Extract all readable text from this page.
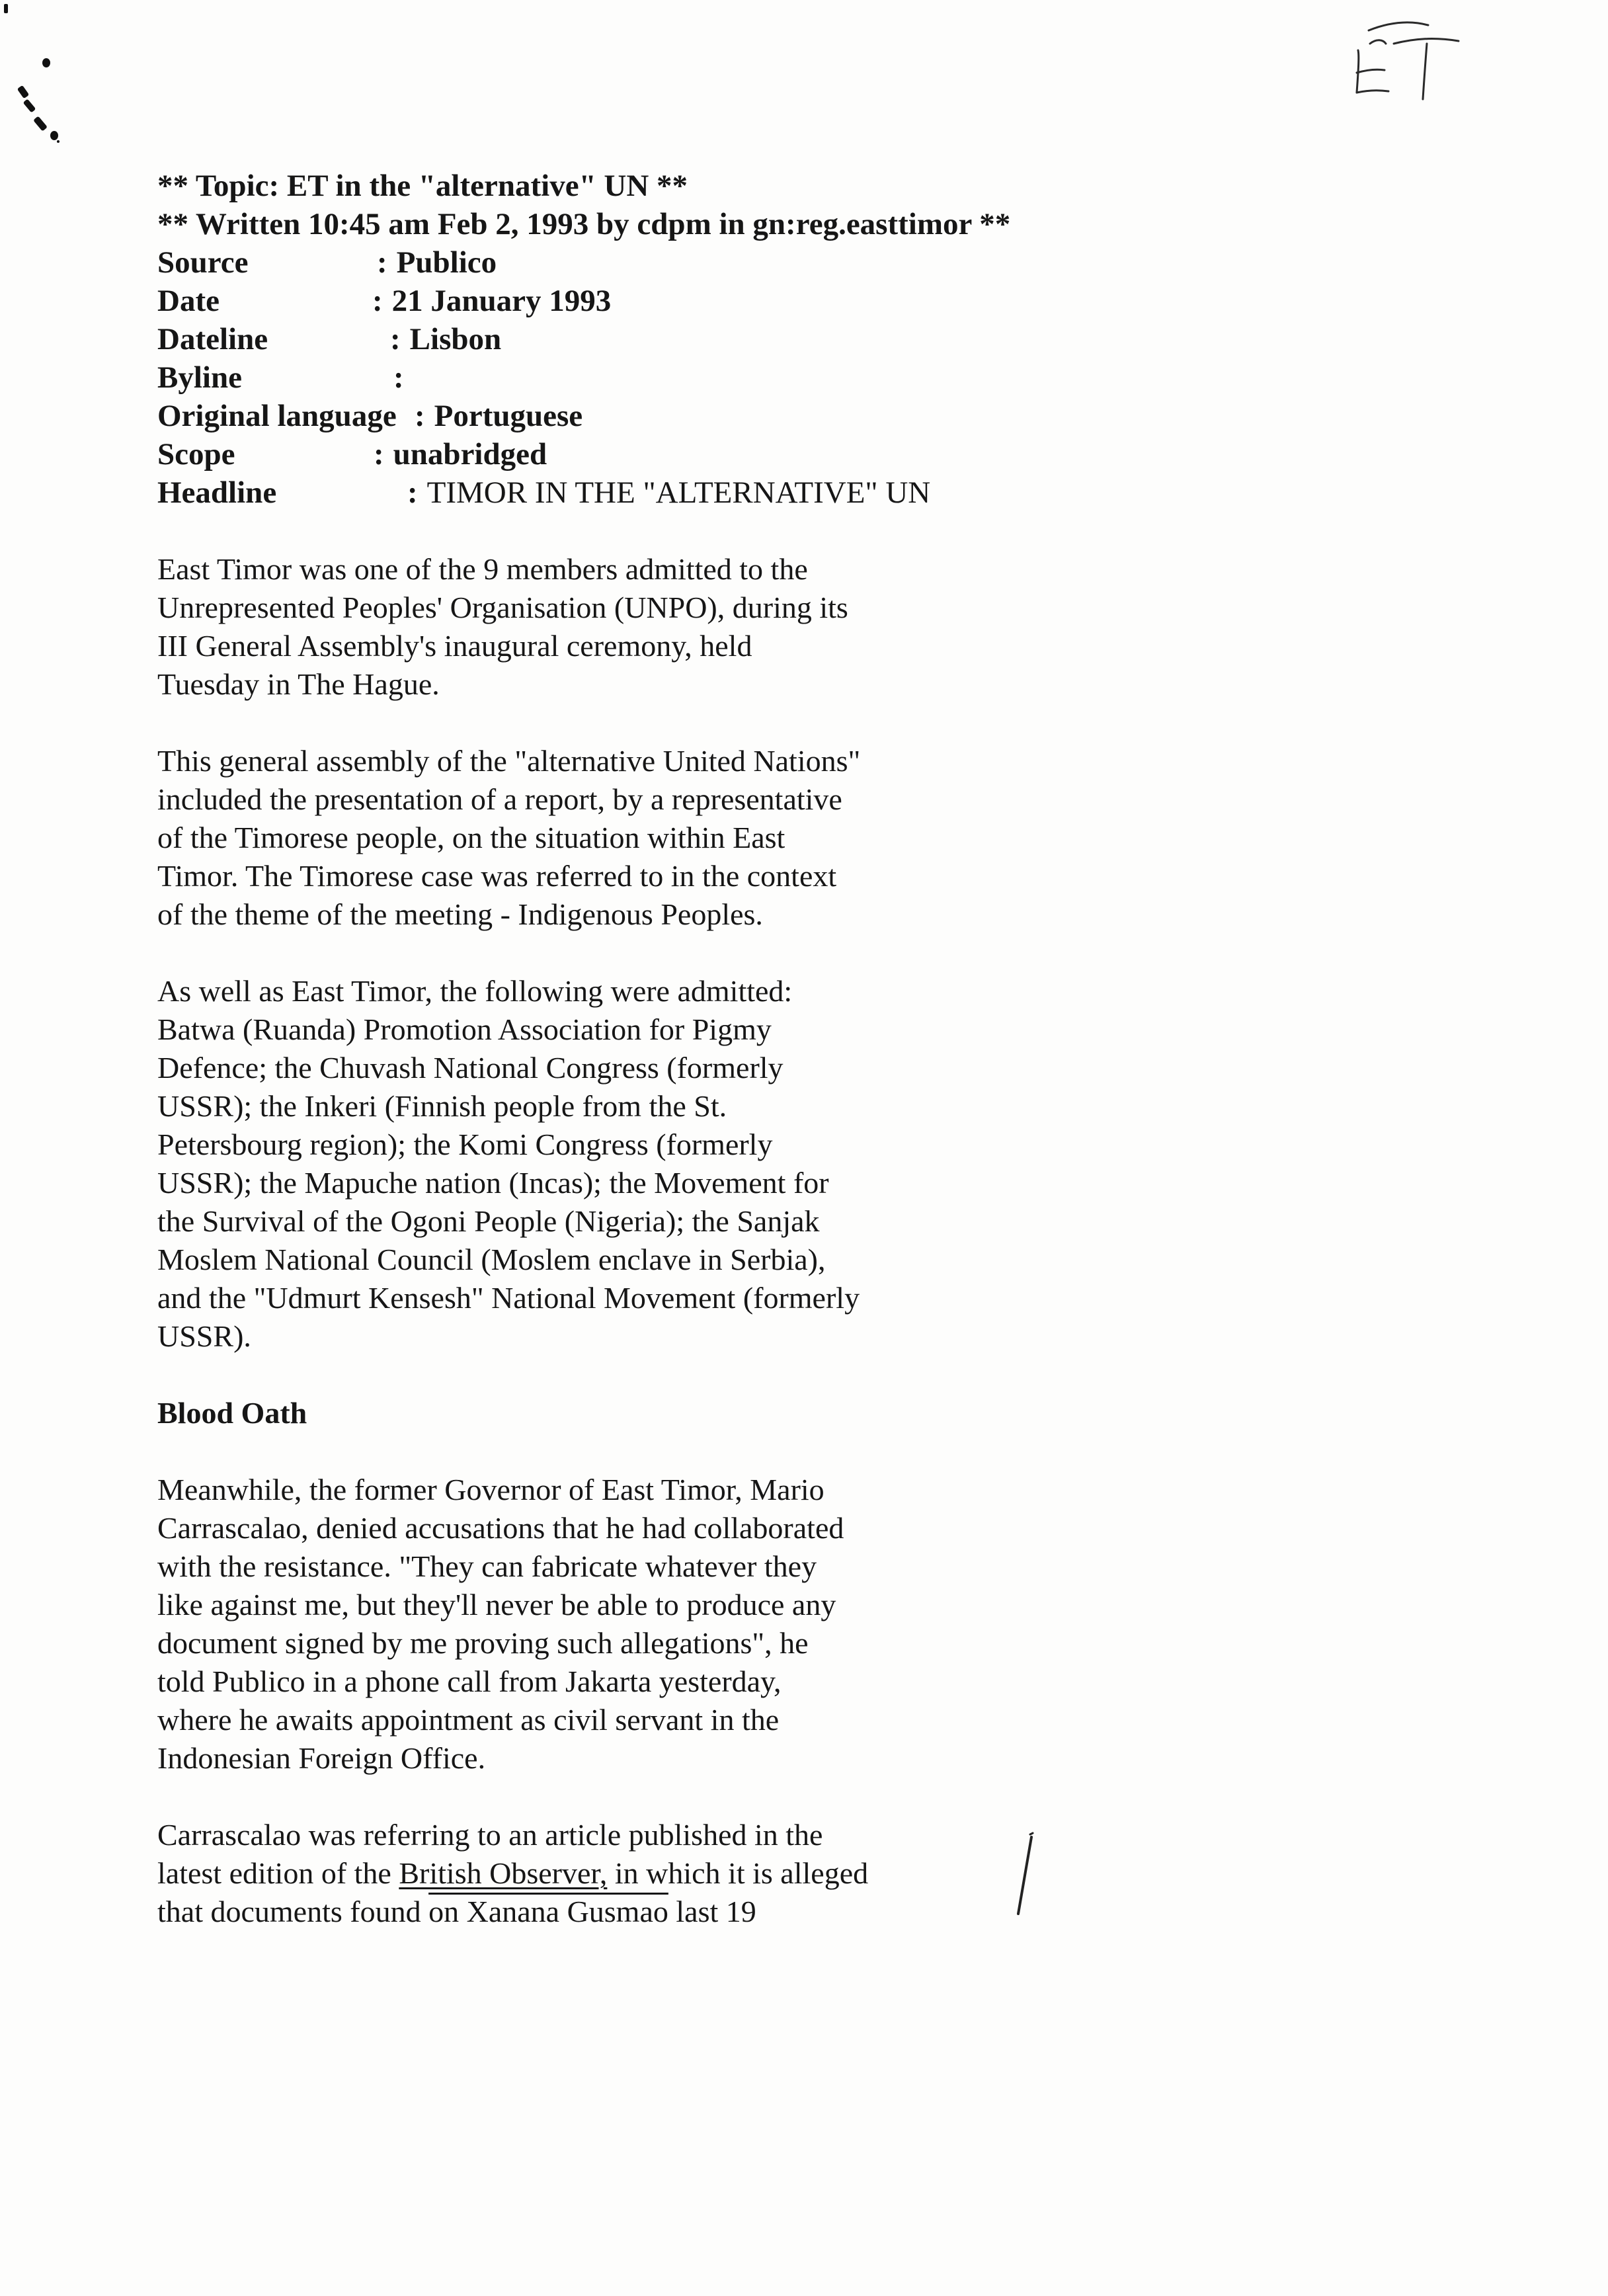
** Topic: ET in the "alternative" UN **
** Written 10:45 am Feb 2, 1993 by cdpm in gn:reg.easttimor **
Source	: Publico
Date	: 21 January 1993
Dateline	: Lisbon
Byline	:
Original language : Portuguese
Scope	: unabridged
Headline	: TIMOR IN THE "ALTERNATIVE" UN
East Timor was one of the 9 members admitted to the
Unrepresented Peoples' Organisation (UNPO), during its
III General Assembly's inaugural ceremony, held
Tuesday in The Hague.
This general assembly of the "alternative United Nations"
included the presentation of a report, by a representative
of the Timorese people, on the situation within East
Timor. The Timorese case was referred to in the context
of the theme of the meeting - Indigenous Peoples.
As well as East Timor, the following were admitted:
Batwa (Ruanda) Promotion Association for Pigmy
Defence; the Chuvash National Congress (formerly
USSR); the Inkeri (Finnish people from the St.
Petersbourg region); the Komi Congress (formerly
USSR); the Mapuche nation (Incas); the Movement for
the Survival of the Ogoni People (Nigeria); the Sanjak
Moslem National Council (Moslem enclave in Serbia),
and the "Udmurt Kensesh" National Movement (formerly
USSR).
Blood Oath
Meanwhile, the former Governor of East Timor, Mario
Carrascalao, denied accusations that he had collaborated
with the resistance. "They can fabricate whatever they
like against me, but they'll never be able to produce any
document signed by me proving such allegations", he
told Publico in a phone call from Jakarta yesterday,
where he awaits appointment as civil servant in the
Indonesian Foreign Office.
Carrascalao was referring to an article published in the
latest edition of the British Observer, in which it is alleged
that documents found on Xanana Gusmao last 19
